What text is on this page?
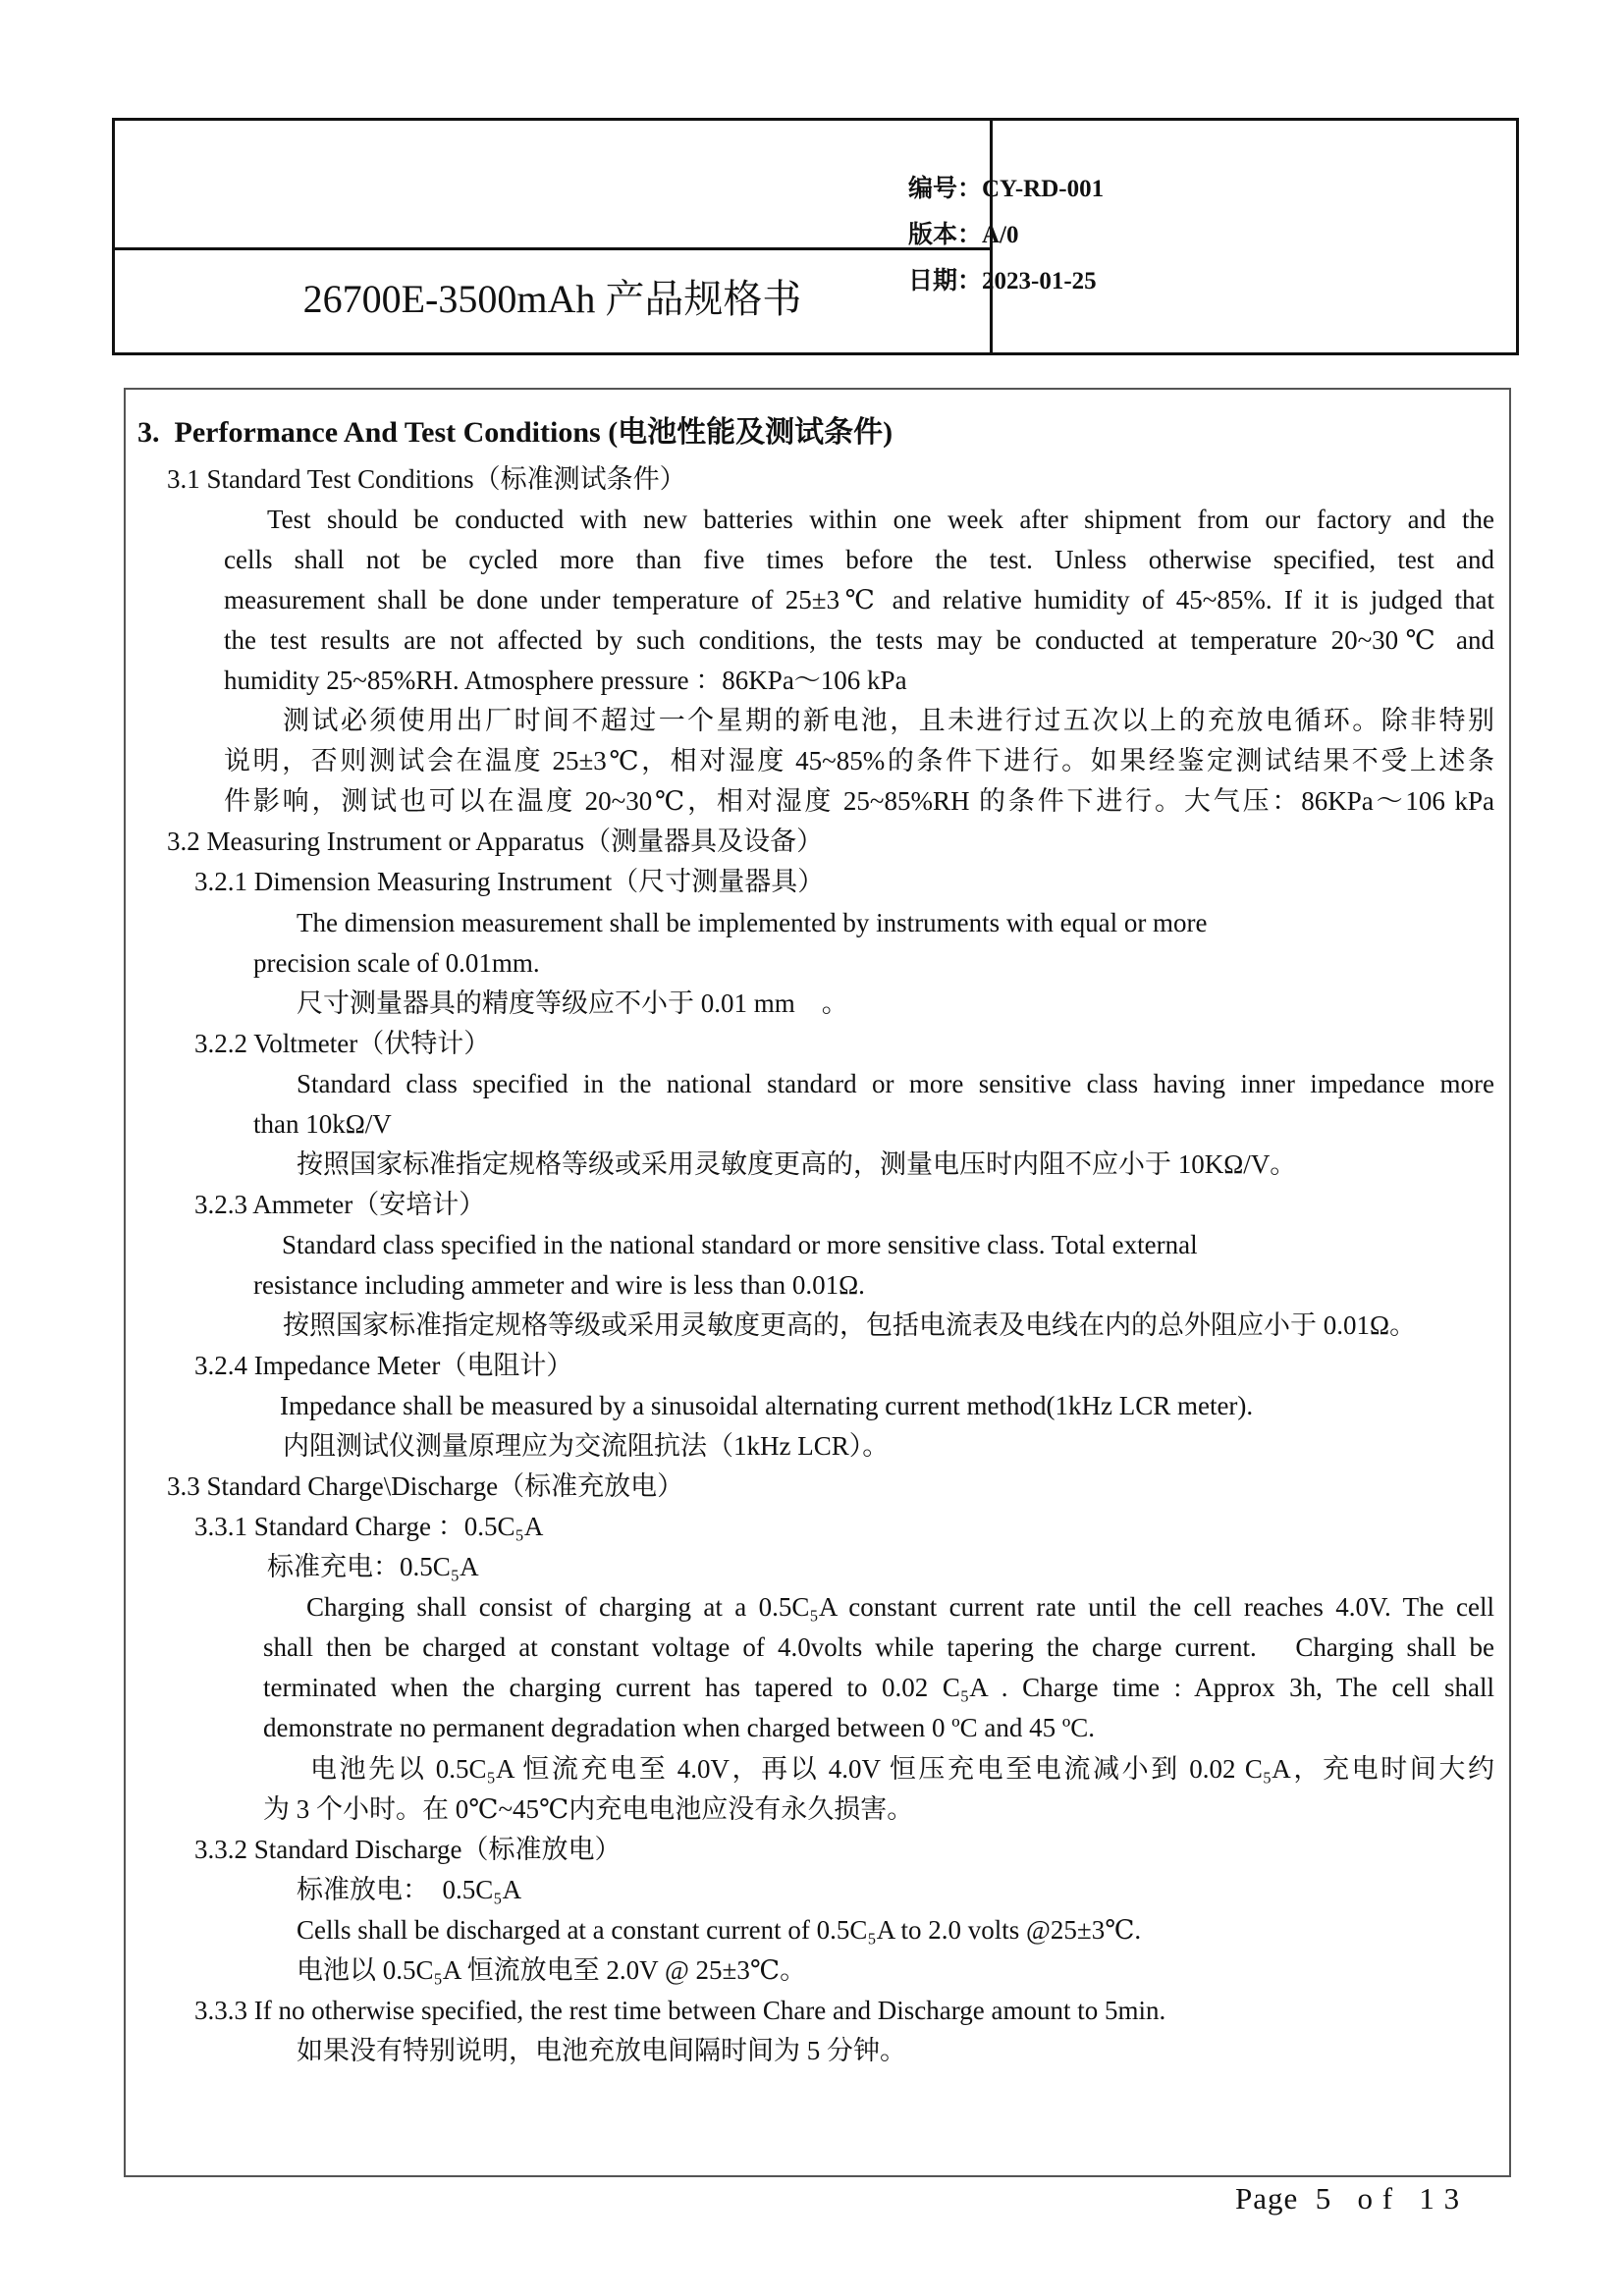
26700E-3500mAh 产品规格书
编号：CY-RD-001
版本：A/0
日期：2023-01-25
3.  Performance And Test Conditions (电池性能及测试条件)
3.1 Standard Test Conditions（标准测试条件）
Test should be conducted with new batteries within one week after shipment from our factory and the
cells shall not be cycled more than five times before the test. Unless otherwise specified, test and
measurement shall be done under temperature of 25±3℃ and relative humidity of 45~85%. If it is judged that
the test results are not affected by such conditions, the tests may be conducted at temperature 20~30℃ and
humidity 25~85%RH. Atmosphere pressure ：86KPa～106 kPa
测试必须使用出厂时间不超过一个星期的新电池，且未进行过五次以上的充放电循环。除非特别
说明，否则测试会在温度 25±3℃，相对湿度 45~85%的条件下进行。如果经鉴定测试结果不受上述条
件影响，测试也可以在温度 20~30℃，相对湿度 25~85%RH 的条件下进行。大气压：86KPa～106 kPa
3.2 Measuring Instrument or Apparatus（测量器具及设备）
3.2.1 Dimension Measuring Instrument（尺寸测量器具）
The dimension measurement shall be implemented by instruments with equal or more
precision scale of 0.01mm.
尺寸测量器具的精度等级应不小于 0.01 mm　。
3.2.2 Voltmeter（伏特计）
Standard class specified in the national standard or more sensitive class having inner impedance more
than 10kΩ/V
按照国家标准指定规格等级或采用灵敏度更高的，测量电压时内阻不应小于 10KΩ/V。
3.2.3 Ammeter（安培计）
Standard class specified in the national standard or more sensitive class. Total external
resistance including ammeter and wire is less than 0.01Ω.
按照国家标准指定规格等级或采用灵敏度更高的，包括电流表及电线在内的总外阻应小于 0.01Ω。
3.2.4 Impedance Meter（电阻计）
Impedance shall be measured by a sinusoidal alternating current method(1kHz LCR meter).
内阻测试仪测量原理应为交流阻抗法（1kHz LCR）。
3.3 Standard Charge\Discharge（标准充放电）
3.3.1 Standard Charge ：0.5C₅A
标准充电：0.5C₅A
Charging shall consist of charging at a 0.5C₅A constant current rate until the cell reaches 4.0V. The cell
shall then be charged at constant voltage of 4.0volts while tapering the charge current.　Charging shall be
terminated when the charging current has tapered to 0.02 C₅A . Charge time : Approx 3h, The cell shall
demonstrate no permanent degradation when charged between 0 ºC and 45 ºC.
电池先以 0.5C₅A 恒流充电至 4.0V，再以 4.0V 恒压充电至电流减小到 0.02 C₅A，充电时间大约
为 3 个小时。在 0℃~45℃内充电电池应没有永久损害。
3.3.2 Standard Discharge（标准放电）
标准放电：　0.5C₅A
Cells shall be discharged at a constant current of 0.5C₅A to 2.0 volts @25±3℃.
电池以 0.5C₅A 恒流放电至 2.0V @ 25±3℃。
3.3.3 If no otherwise specified, the rest time between Chare and Discharge amount to 5min.
如果没有特别说明，电池充放电间隔时间为 5 分钟。
Page  5   o f   1 3
